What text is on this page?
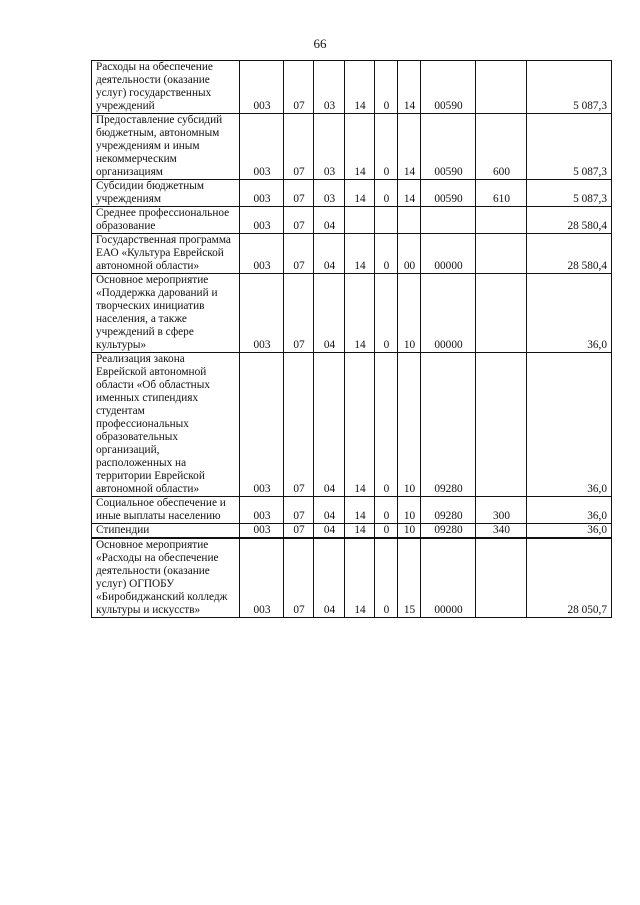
66
Расходы на обеспечение деятельности (оказание услуг) государственных учреждений	003	07	03	14	0	14	00590		5 087,3
Предоставление субсидий бюджетным, автономным учреждениям и иным некоммерческим организациям	003	07	03	14	0	14	00590	600	5 087,3
Субсидии бюджетным учреждениям	003	07	03	14	0	14	00590	610	5 087,3
Среднее профессиональное образование	003	07	04						28 580,4
Государственная программа ЕАО «Культура Еврейской автономной области»	003	07	04	14	0	00	00000		28 580,4
Основное мероприятие «Поддержка дарований и творческих инициатив населения, а также учреждений в сфере культуры»	003	07	04	14	0	10	00000		36,0
Реализация закона Еврейской автономной области «Об областных именных стипендиях студентам профессиональных образовательных организаций, расположенных на территории Еврейской автономной области»	003	07	04	14	0	10	09280		36,0
Социальное обеспечение и иные выплаты населению	003	07	04	14	0	10	09280	300	36,0
Стипендии	003	07	04	14	0	10	09280	340	36,0
Основное мероприятие «Расходы на обеспечение деятельности (оказание услуг) ОГПОБУ «Биробиджанский колледж культуры и искусств»	003	07	04	14	0	15	00000		28 050,7
